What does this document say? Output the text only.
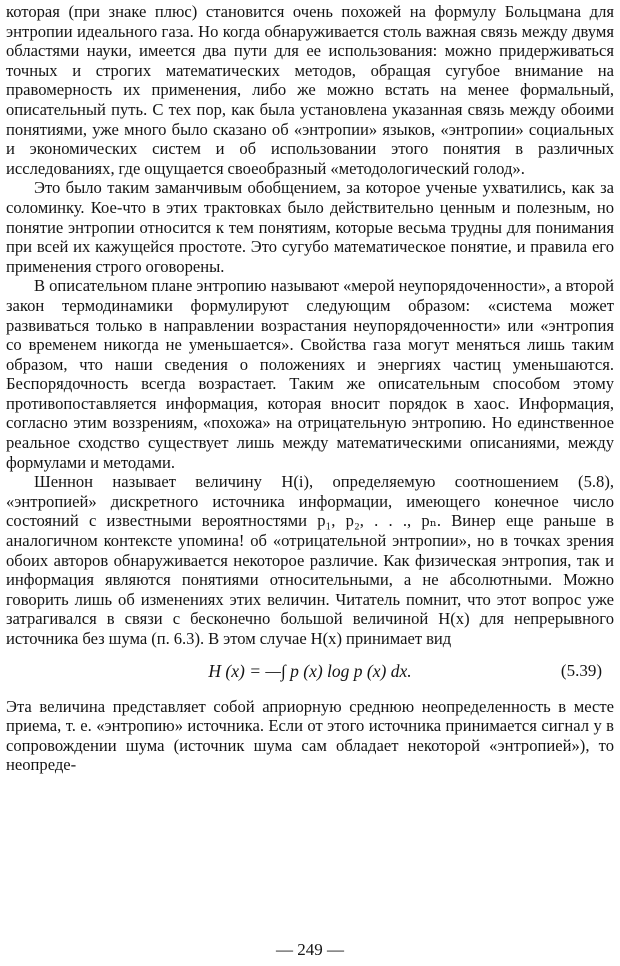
которая (при знаке плюс) становится очень похожей на формулу Больцмана для энтропии идеального газа. Но когда обнаруживается столь важная связь между двумя областями науки, имеется два пути для ее использования: можно придерживаться точных и строгих математических методов, обращая сугубое внимание на правомерность их применения, либо же можно встать на менее формальный, описательный путь. С тех пор, как была установлена указанная связь между обоими понятиями, уже много было сказано об «энтропии» языков, «энтропии» социальных и экономических систем и об использовании этого понятия в различных исследованиях, где ощущается своеобразный «методологический голод».

Это было таким заманчивым обобщением, за которое ученые ухватились, как за соломинку. Кое-что в этих трактовках было действительно ценным и полезным, но понятие энтропии относится к тем понятиям, которые весьма трудны для понимания при всей их кажущейся простоте. Это сугубо математическое понятие, и правила его применения строго оговорены.

В описательном плане энтропию называют «мерой неупорядоченности», а второй закон термодинамики формулируют следующим образом: «система может развиваться только в направлении возрастания неупорядоченности» или «энтропия со временем никогда не уменьшается». Свойства газа могут меняться лишь таким образом, что наши сведения о положениях и энергиях частиц уменьшаются. Беспорядочность всегда возрастает. Таким же описательным способом этому противопоставляется информация, которая вносит порядок в хаос. Информация, согласно этим воззрениям, «похожа» на отрицательную энтропию. Но единственное реальное сходство существует лишь между математическими описаниями, между формулами и методами.

Шеннон называет величину H(i), определяемую соотношением (5.8), «энтропией» дискретного источника информации, имеющего конечное число состояний с известными вероятностями p₁, p₂, . . ., pₙ. Винер еще раньше в аналогичном контексте упомина! об «отрицательной энтропии», но в точках зрения обоих авторов обнаруживается некоторое различие. Как физическая энтропия, так и информация являются понятиями относительными, а не абсолютными. Можно говорить лишь об изменениях этих величин. Читатель помнит, что этот вопрос уже затрагивался в связи с бесконечно большой величиной H(x) для непрерывного источника без шума (п. 6.3). В этом случае H(x) принимает вид

H (x) = —∫ p (x) log p (x) dx.	(5.39)

Эта величина представляет собой априорную среднюю неопределенность в месте приема, т. е. «энтропию» источника. Если от этого источника принимается сигнал y в сопровождении шума (источник шума сам обладает некоторой «энтропией»), то неопреде-

— 249 —
